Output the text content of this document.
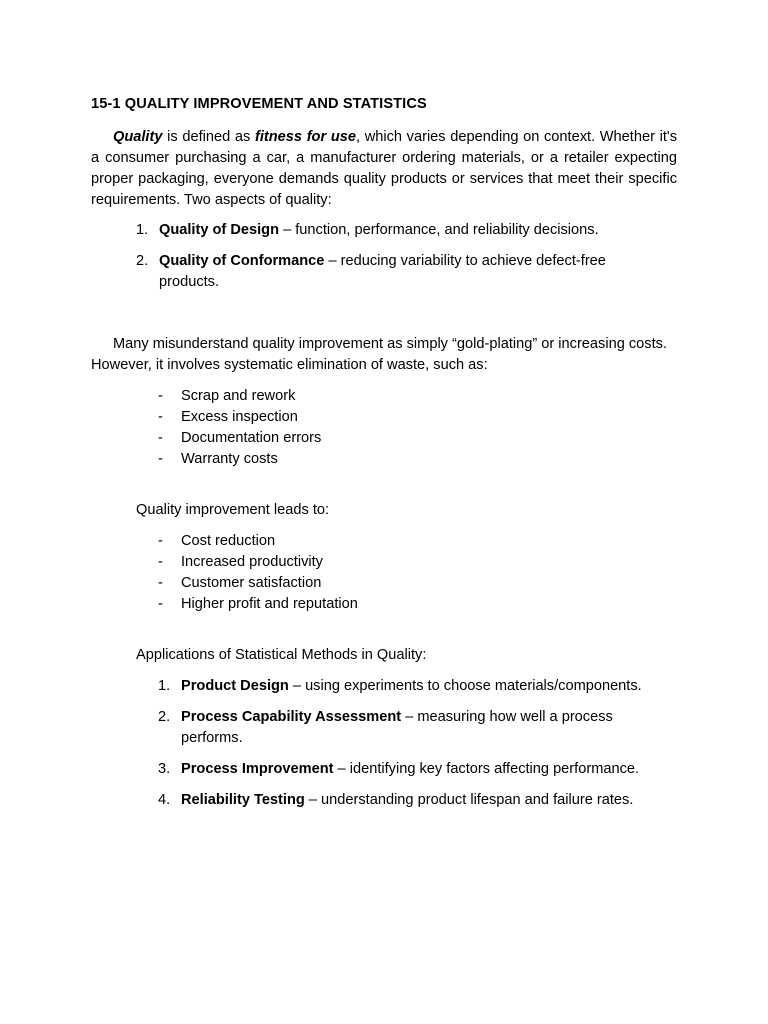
15-1 QUALITY IMPROVEMENT AND STATISTICS

Quality is defined as fitness for use, which varies depending on context. Whether it's a consumer purchasing a car, a manufacturer ordering materials, or a retailer expecting proper packaging, everyone demands quality products or services that meet their specific requirements. Two aspects of quality:

1. Quality of Design – function, performance, and reliability decisions.
2. Quality of Conformance – reducing variability to achieve defect-free products.

Many misunderstand quality improvement as simply “gold-plating” or increasing costs. However, it involves systematic elimination of waste, such as:

- Scrap and rework
- Excess inspection
- Documentation errors
- Warranty costs

Quality improvement leads to:

- Cost reduction
- Increased productivity
- Customer satisfaction
- Higher profit and reputation

Applications of Statistical Methods in Quality:

1. Product Design – using experiments to choose materials/components.
2. Process Capability Assessment – measuring how well a process performs.
3. Process Improvement – identifying key factors affecting performance.
4. Reliability Testing – understanding product lifespan and failure rates.
